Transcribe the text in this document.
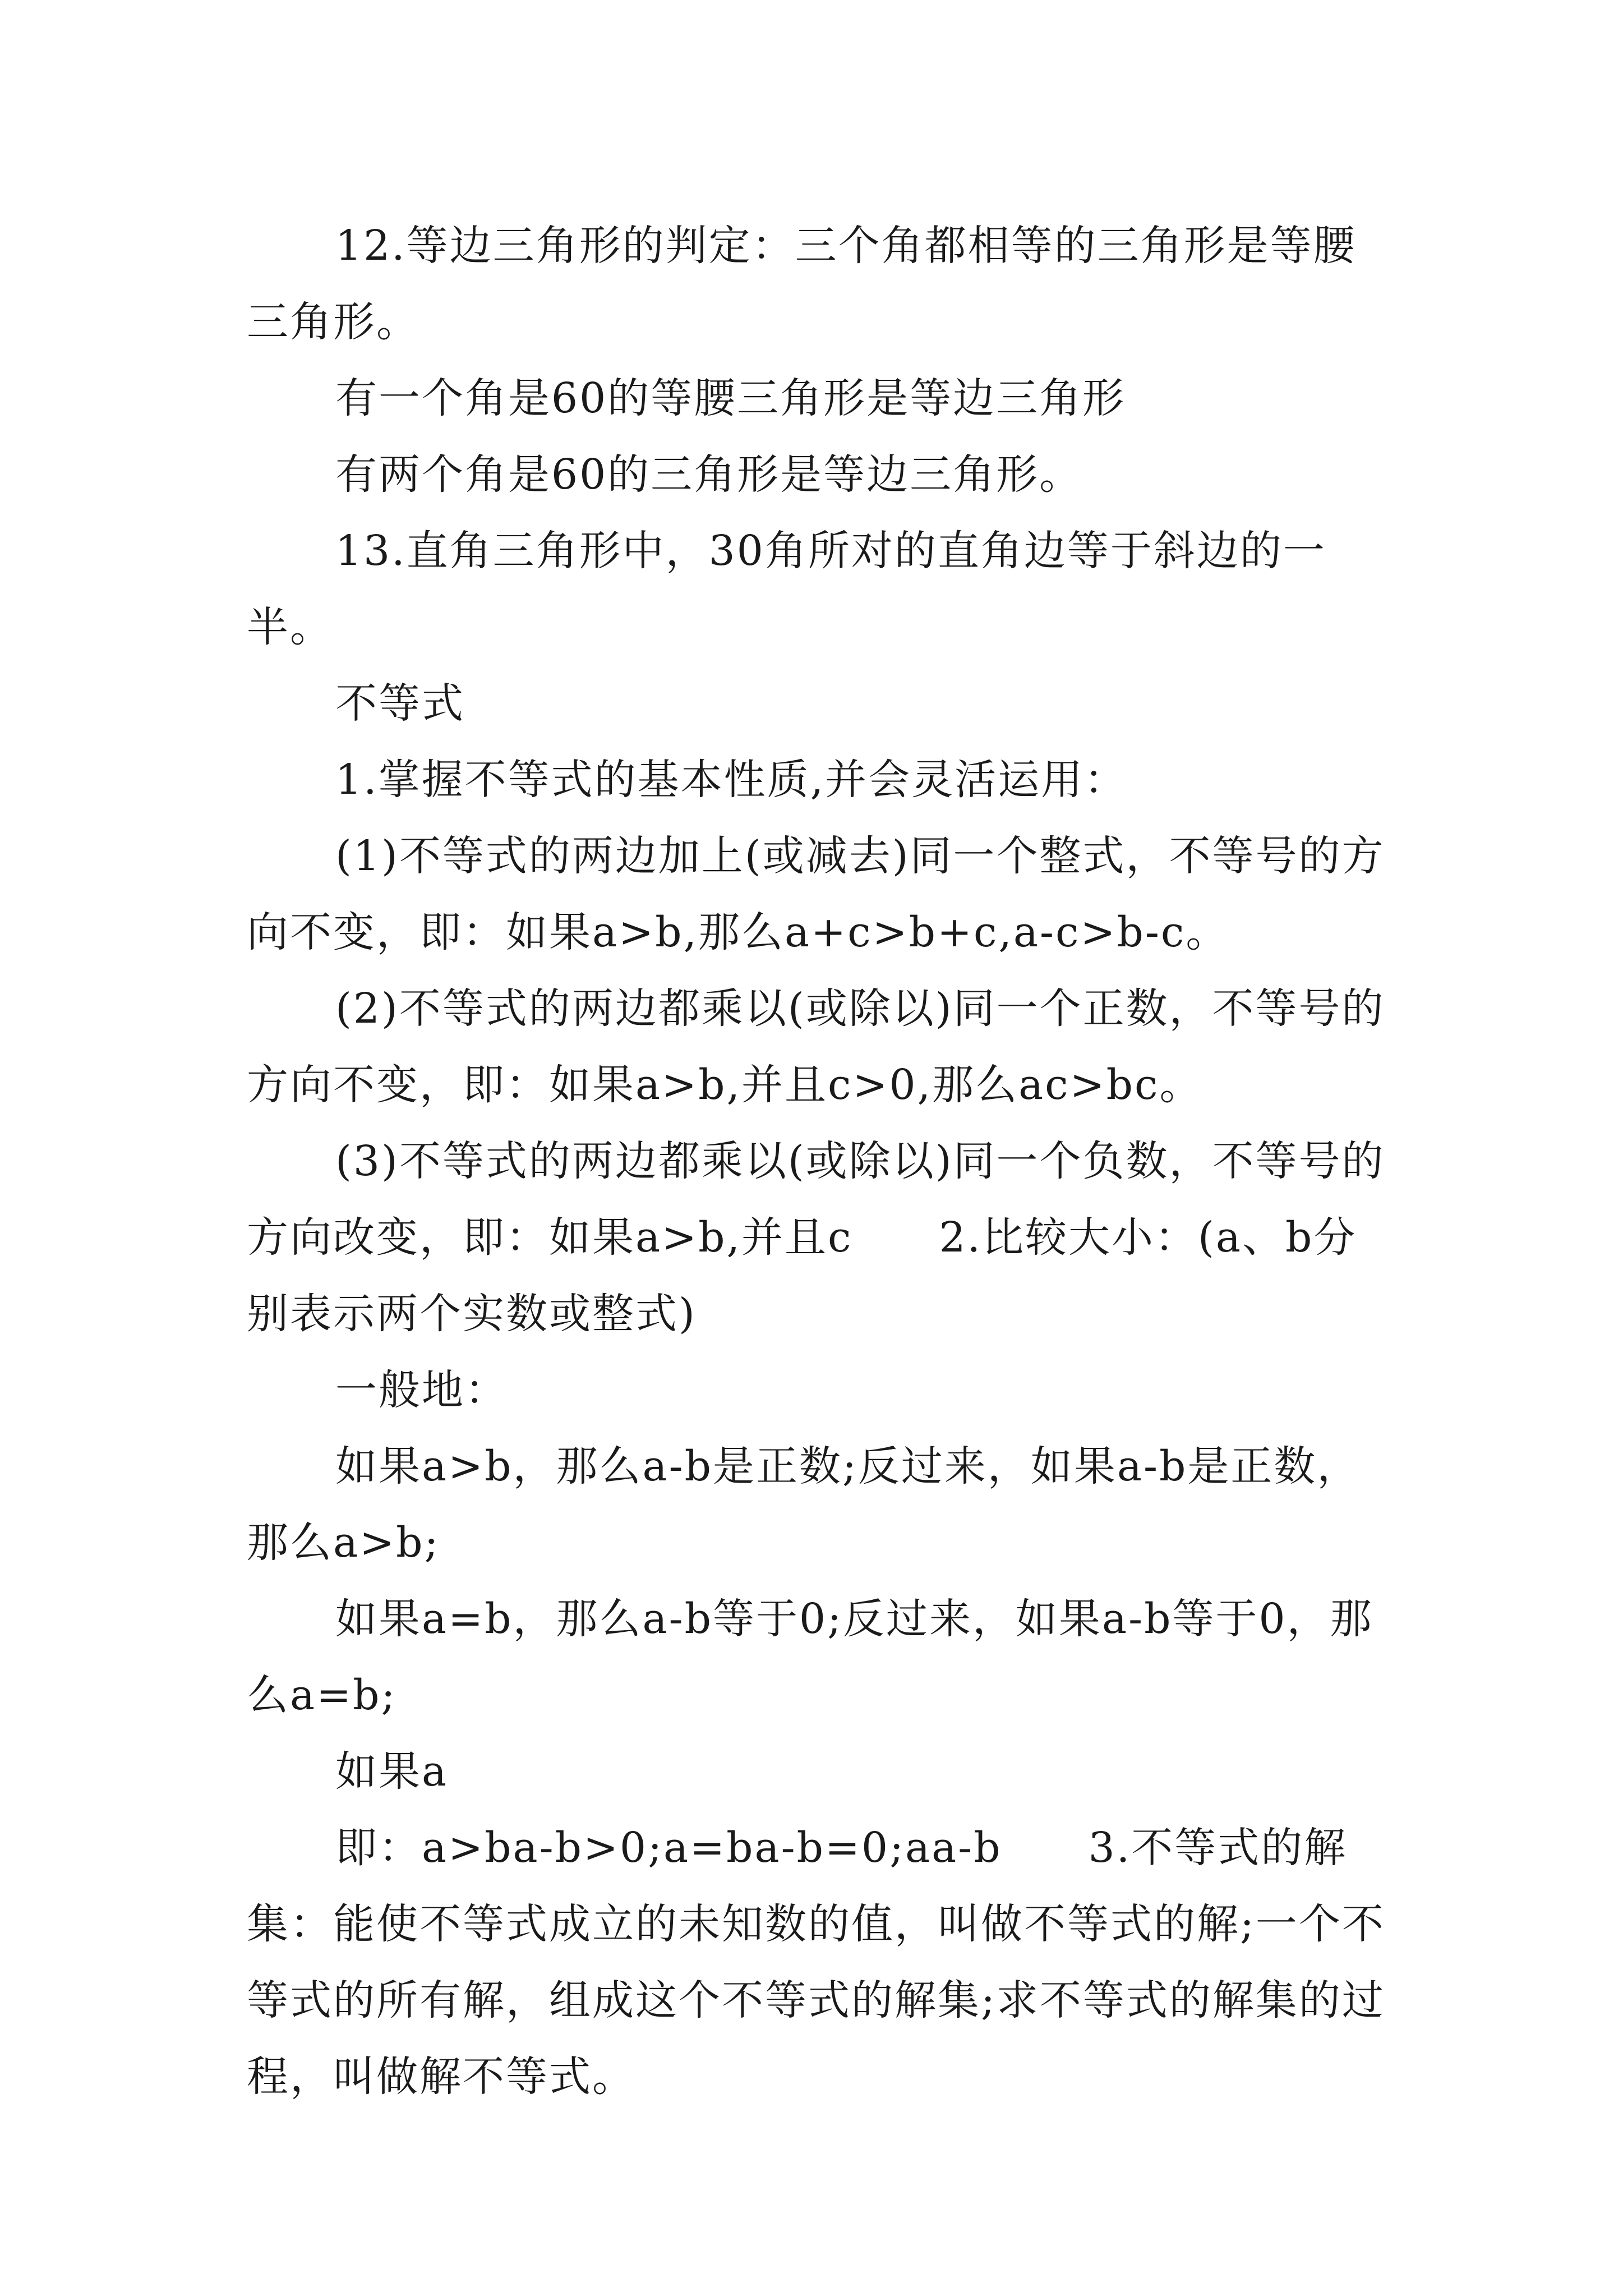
12.等边三角形的判定：三个角都相等的三角形是等腰三角形。

有一个角是60的等腰三角形是等边三角形

有两个角是60的三角形是等边三角形。

13.直角三角形中，30角所对的直角边等于斜边的一半。

不等式

1.掌握不等式的基本性质,并会灵活运用：

(1)不等式的两边加上(或减去)同一个整式，不等号的方向不变，即：如果a>b,那么a+c>b+c,a-c>b-c。

(2)不等式的两边都乘以(或除以)同一个正数，不等号的方向不变，即：如果a>b,并且c>0,那么ac>bc。

(3)不等式的两边都乘以(或除以)同一个负数，不等号的方向改变，即：如果a>b,并且c　　2.比较大小：(a、b分别表示两个实数或整式)

一般地：

如果a>b，那么a-b是正数;反过来，如果a-b是正数，那么a>b;

如果a=b，那么a-b等于0;反过来，如果a-b等于0，那么a=b;

如果a

即：a>ba-b>0;a=ba-b=0;aa-b　　3.不等式的解集：能使不等式成立的未知数的值，叫做不等式的解;一个不等式的所有解，组成这个不等式的解集;求不等式的解集的过程，叫做解不等式。
